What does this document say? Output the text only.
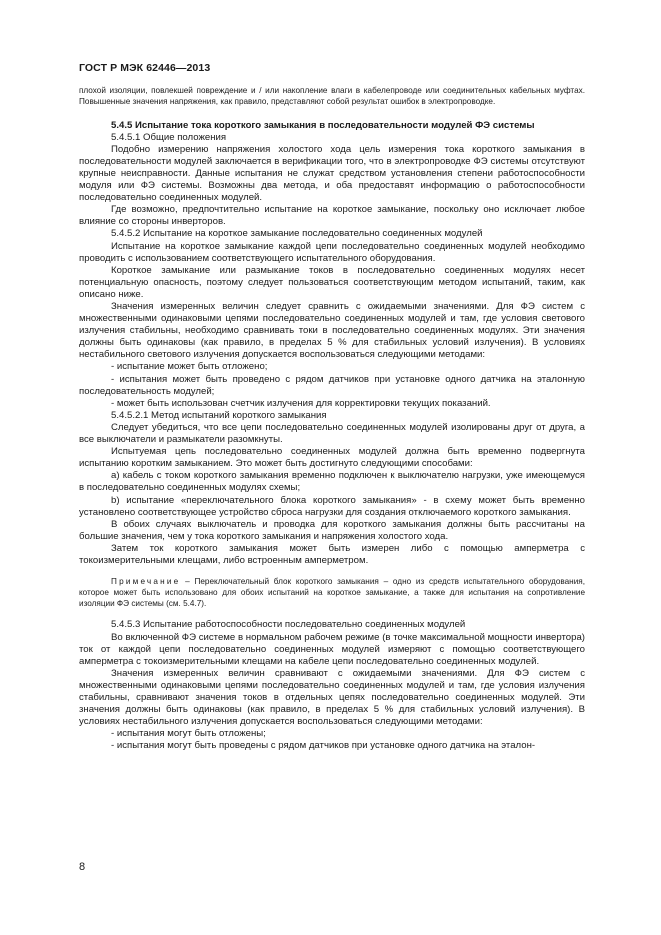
ГОСТ Р МЭК 62446—2013

плохой изоляции, повлекшей повреждение и / или накопление влаги в кабелепроводе или соединительных кабельных муфтах. Повышенные значения напряжения, как правило, представляют собой результат ошибок в электропроводке.

5.4.5 Испытание тока короткого замыкания в последовательности модулей ФЭ системы

5.4.5.1 Общие положения

Подобно измерению напряжения холостого хода цель измерения тока короткого замыкания в последовательности модулей заключается в верификации того, что в электропроводке ФЭ системы отсутствуют крупные неисправности. Данные испытания не служат средством установления степени работоспособности модуля или ФЭ системы. Возможны два метода, и оба предоставят информацию о работоспособности последовательно соединенных модулей.

Где возможно, предпочтительно испытание на короткое замыкание, поскольку оно исключает любое влияние со стороны инверторов.

5.4.5.2 Испытание на короткое замыкание последовательно соединенных модулей

Испытание на короткое замыкание каждой цепи последовательно соединенных модулей необходимо проводить с использованием соответствующего испытательного оборудования.

Короткое замыкание или размыкание токов в последовательно соединенных модулях несет потенциальную опасность, поэтому следует пользоваться соответствующим методом испытаний, таким, как описано ниже.

Значения измеренных величин следует сравнить с ожидаемыми значениями. Для ФЭ систем с множественными одинаковыми цепями последовательно соединенных модулей и там, где условия светового излучения стабильны, необходимо сравнивать токи в последовательно соединенных модулях. Эти значения должны быть одинаковы (как правило, в пределах 5 % для стабильных условий излучения). В условиях нестабильного светового излучения допускается воспользоваться следующими методами:

- испытание может быть отложено;

- испытания может быть проведено с рядом датчиков при установке одного датчика на эталонную последовательность модулей;

- может быть использован счетчик излучения для корректировки текущих показаний.

5.4.5.2.1 Метод испытаний короткого замыкания

Следует убедиться, что все цепи последовательно соединенных модулей изолированы друг от друга, а все выключатели и размыкатели разомкнуты.

Испытуемая цепь последовательно соединенных модулей должна быть временно подвергнута испытанию коротким замыканием. Это может быть достигнуто следующими способами:

а) кабель с током короткого замыкания временно подключен к выключателю нагрузки, уже имеющемуся в последовательно соединенных модулях схемы;

b) испытание «переключательного блока короткого замыкания» - в схему может быть временно установлено соответствующее устройство сброса нагрузки для создания отключаемого короткого замыкания.

В обоих случаях выключатель и проводка для короткого замыкания должны быть рассчитаны на большие значения, чем у тока короткого замыкания и напряжения холостого хода.

Затем ток короткого замыкания может быть измерен либо с помощью амперметра с токоизмерительными клещами, либо встроенным амперметром.

Примечание – Переключательный блок короткого замыкания – одно из средств испытательного оборудования, которое может быть использовано для обоих испытаний на короткое замыкание, а также для испытания на сопротивление изоляции ФЭ системы (см. 5.4.7).

5.4.5.3 Испытание работоспособности последовательно соединенных модулей

Во включенной ФЭ системе в нормальном рабочем режиме (в точке максимальной мощности инвертора) ток от каждой цепи последовательно соединенных модулей измеряют с помощью соответствующего амперметра с токоизмерительными клещами на кабеле цепи последовательно соединенных модулей.

Значения измеренных величин сравнивают с ожидаемыми значениями. Для ФЭ систем с множественными одинаковыми цепями последовательно соединенных модулей и там, где условия излучения стабильны, сравнивают значения токов в отдельных цепях последовательно соединенных модулей. Эти значения должны быть одинаковы (как правило, в пределах 5 % для стабильных условий излучения). В условиях нестабильного излучения допускается воспользоваться следующими методами:

- испытания могут быть отложены;

- испытания могут быть проведены с рядом датчиков при установке одного датчика на эталон-

8
